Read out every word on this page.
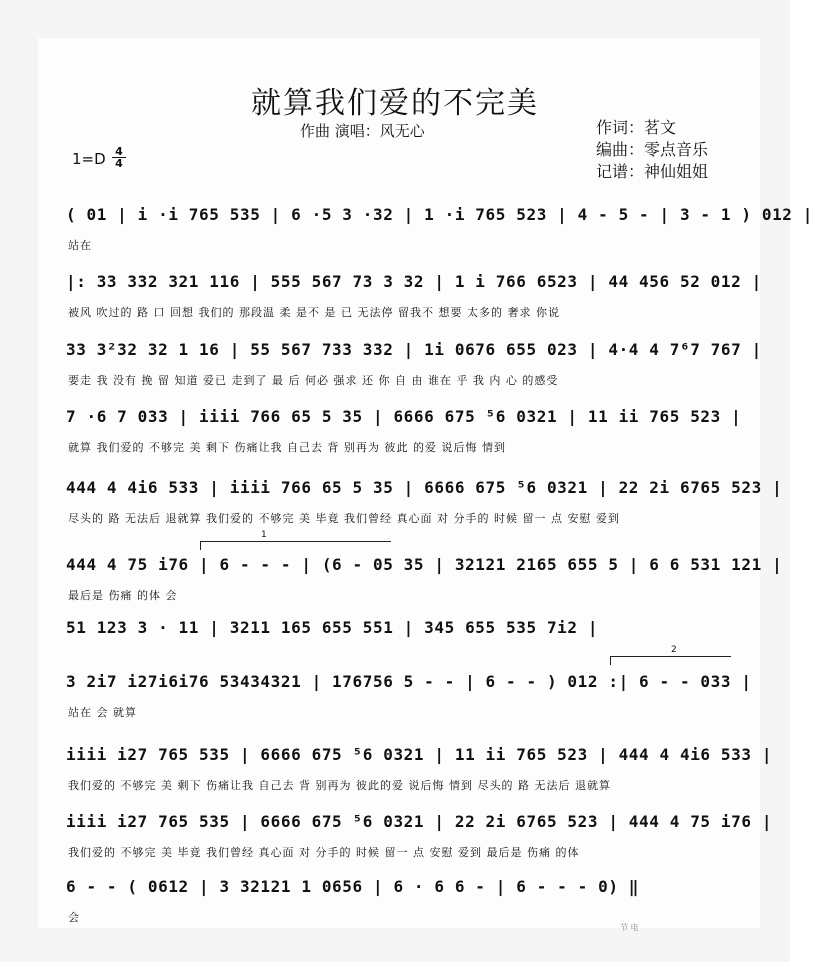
就算我们爱的不完美
作曲 演唱：风无心	作词：茗文
编曲：零点音乐
记谱：神仙姐姐
1=D 4
4
( 01 | i ·i 765 535 | 6 ·5 3 ·32 | 1 ·i 765 523 | 4 - 5 - | 3 - 1 ) 012 |
站在
|: 33 332 321 116 | 555 567 73 3 32 | 1 i 766 6523 | 44 456 52 012 |
被风 吹过的 路 口 回想 我们的 那段温 柔 是不 是 已 无法停 留我不 想要 太多的 奢求 你说
33 3²32 32 1 16 | 55 567 733 332 | 1i 0676 655 023 | 4·4 4 7⁶7 767 |
要走 我 没有 挽 留 知道 爱已 走到了 最 后 何必 强求 还 你 自 由 谁在 乎 我 内 心 的感受
7 ·6 7 033 | iiii 766 65 5 35 | 6666 675 ⁵6 0321 | 11 ii 765 523 |
就算 我们爱的 不够完 美 剩下 伤痛让我 自己去 背 别再为 彼此 的爱 说后悔 情到
444 4 4i6 533 | iiii 766 65 5 35 | 6666 675 ⁵6 0321 | 22 2i 6765 523 |
尽头的 路 无法后 退就算 我们爱的 不够完 美 毕竟 我们曾经 真心面 对 分手的 时候 留一 点 安慰 爱到
1
444 4 75 i76 | 6 - - - | (6 - 05 35 | 32121 2165 655 5 | 6 6 531 121 |
最后是 伤痛 的体 会
51 123 3 · 11 | 3211 165 655 551 | 345 655 535 7i2 |
2
3 2i7 i27i6i76 53434321 | 176756 5 - - | 6 - - ) 012 :| 6 - - 033 |
站在 会 就算
iiii i27 765 535 | 6666 675 ⁵6 0321 | 11 ii 765 523 | 444 4 4i6 533 |
我们爱的 不够完 美 剩下 伤痛让我 自己去 背 别再为 彼此的爱 说后悔 情到 尽头的 路 无法后 退就算
iiii i27 765 535 | 6666 675 ⁵6 0321 | 22 2i 6765 523 | 444 4 75 i76 |
我们爱的 不够完 美 毕竟 我们曾经 真心面 对 分手的 时候 留一 点 安慰 爱到 最后是 伤痛 的体
6 - - ( 0612 | 3 32121 1 0656 | 6 · 6 6 - | 6 - - - 0) ‖
会
节 电
